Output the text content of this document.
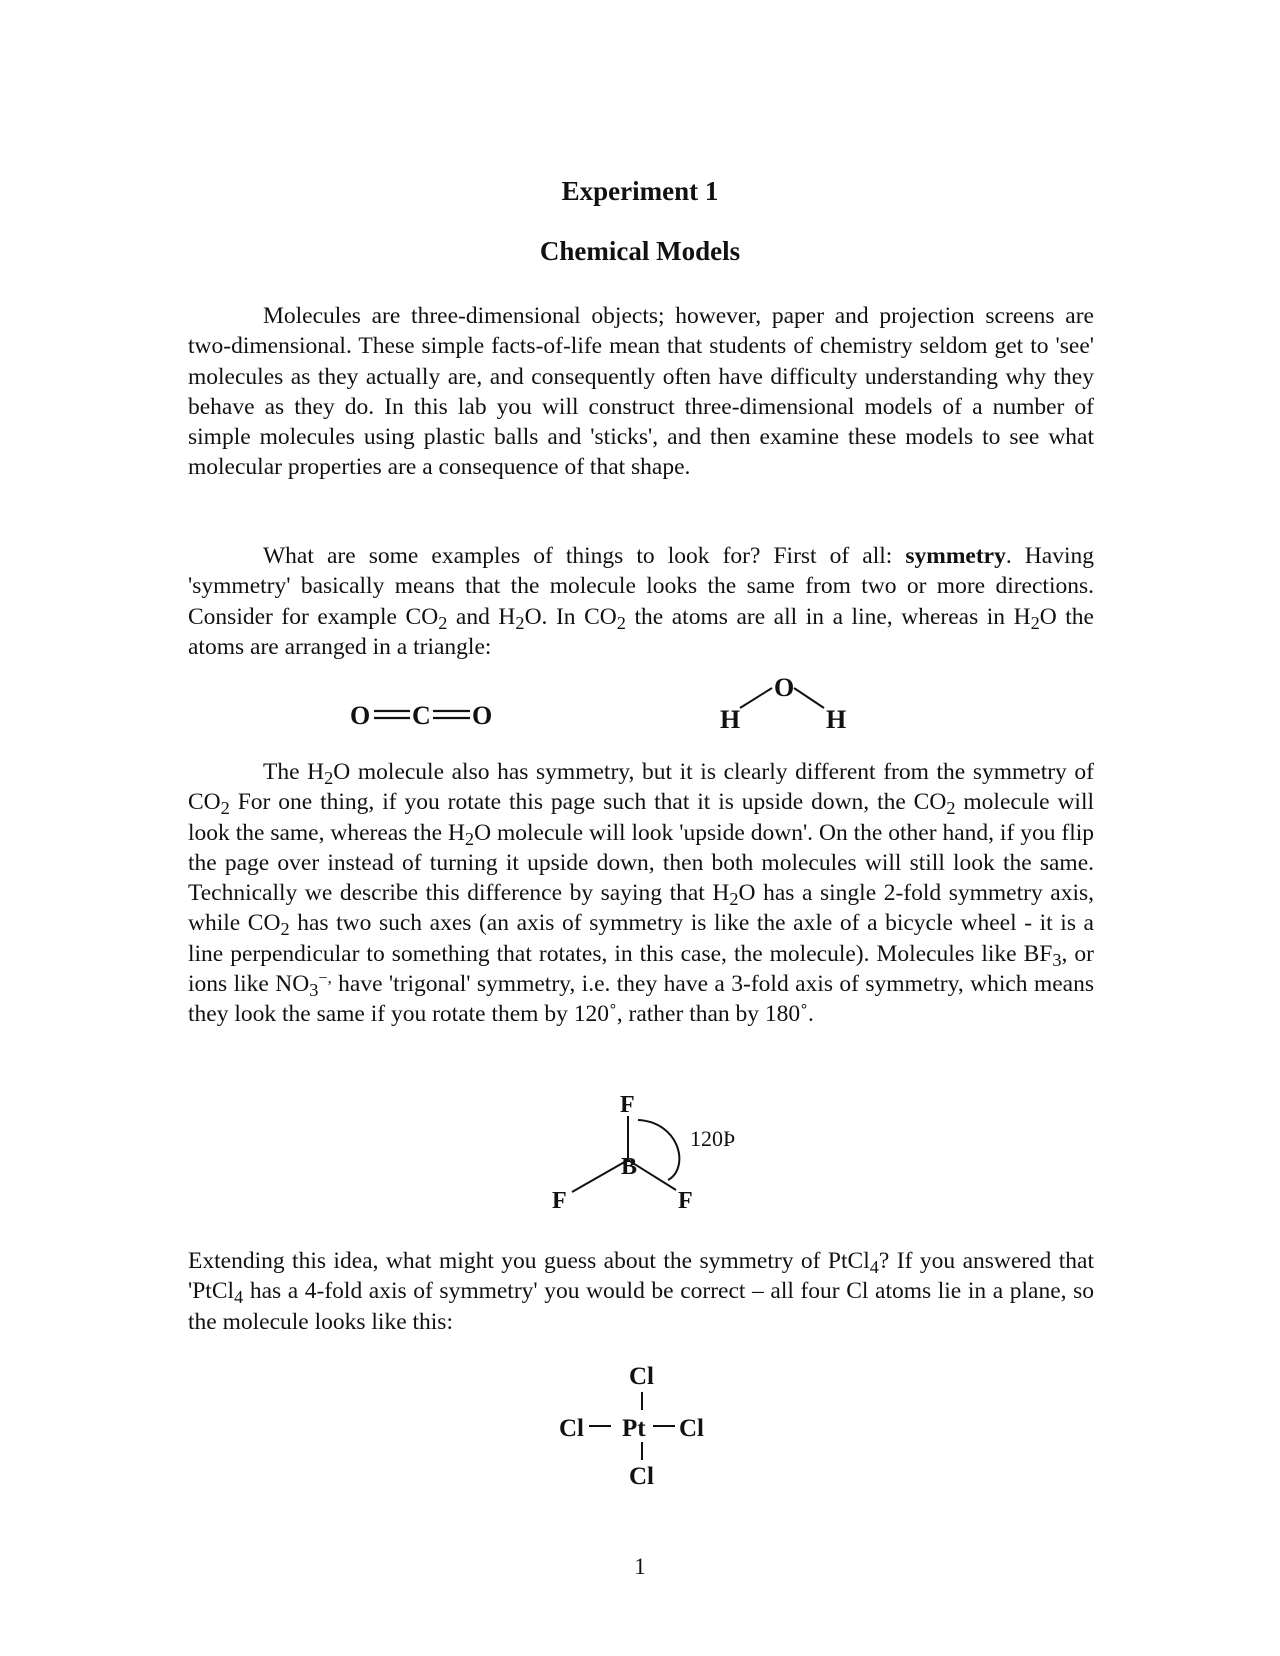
Experiment 1
Chemical Models

Molecules are three-dimensional objects; however, paper and projection screens are two-dimensional. These simple facts-of-life mean that students of chemistry seldom get to 'see' molecules as they actually are, and consequently often have difficulty understanding why they behave as they do. In this lab you will construct three-dimensional models of a number of simple molecules using plastic balls and 'sticks', and then examine these models to see what molecular properties are a consequence of that shape.

What are some examples of things to look for? First of all: symmetry. Having 'symmetry' basically means that the molecule looks the same from two or more directions. Consider for example $CO_2$ and $H_2O$. In $CO_2$ the atoms are all in a line, whereas in $H_2O$ the atoms are arranged in a triangle:

O C O
O
H	H

The $H_2O$ molecule also has symmetry, but it is clearly different from the symmetry of $CO_2$ For one thing, if you rotate this page such that it is upside down, the $CO_2$ molecule will look the same, whereas the $H_2O$ molecule will look 'upside down'. On the other hand, if you flip the page over instead of turning it upside down, then both molecules will still look the same. Technically we describe this difference by saying that $H_2O$ has a single 2-fold symmetry axis, while $CO_2$ has two such axes (an axis of symmetry is like the axle of a bicycle wheel - it is a line perpendicular to something that rotates, in this case, the molecule). Molecules like $BF_3$, or ions like $NO_3^{-,}$ have 'trigonal' symmetry, i.e. they have a 3-fold axis of symmetry, which means they look the same if you rotate them by 120˚, rather than by 180˚.

F
B
F	F
120Þ

Extending this idea, what might you guess about the symmetry of PtCl$_4$? If you answered that 'PtCl$_4$ has a 4-fold axis of symmetry' you would be correct – all four Cl atoms lie in a plane, so the molecule looks like this:

Cl
Cl Pt Cl
Cl
1
